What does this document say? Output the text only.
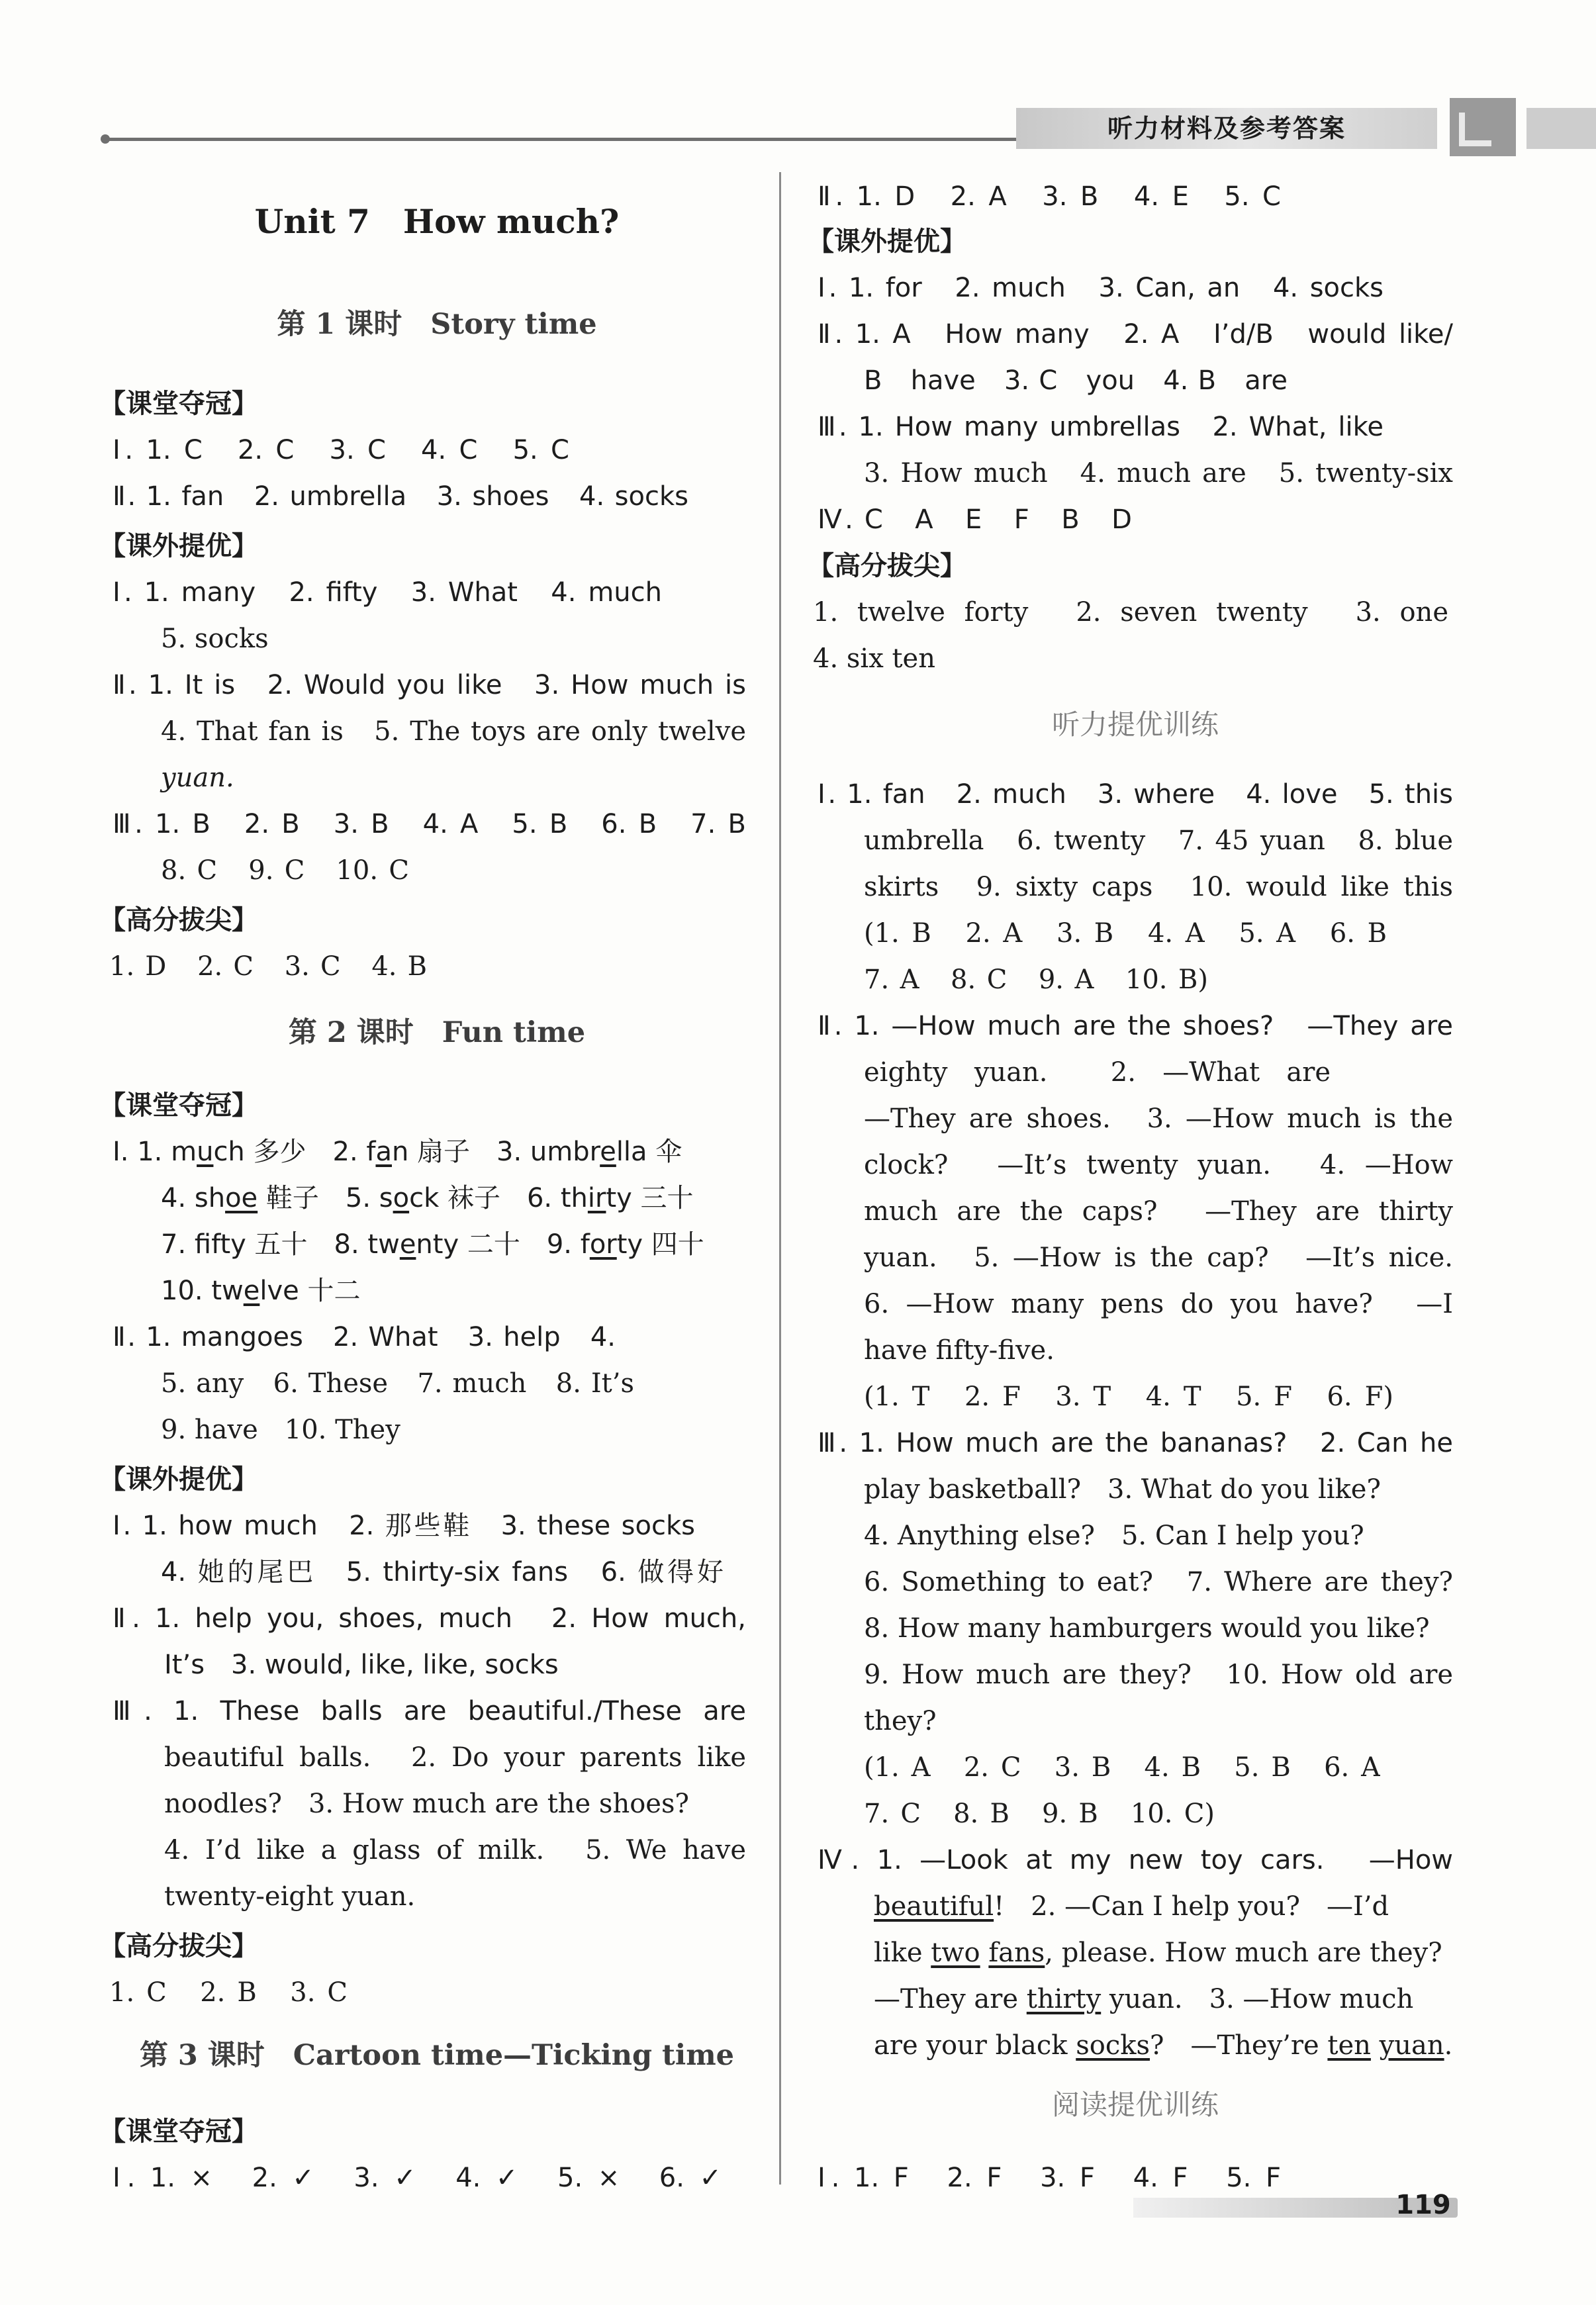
听力材料及参考答案

Unit 7　How much?

第 1 课时　Story time

【课堂夺冠】

Ⅰ. 1. C　2. C　3. C　4. C　5. C

Ⅱ. 1. fan　2. umbrella　3. shoes　4. socks

【课外提优】

Ⅰ. 1. many　2. fifty　3. What　4. much

5. socks

Ⅱ. 1. It is　2. Would you like　3. How much is

4. That fan is　5. The toys are only twelve

yuan.

Ⅲ. 1. B　2. B　3. B　4. A　5. B　6. B　7. B

8. C　9. C　10. C

【高分拔尖】

1. D　2. C　3. C　4. B

第 2 课时　Fun time

【课堂夺冠】

Ⅰ. 1. much 多少　2. fan 扇子　3. umbrella 伞

4. shoe 鞋子　5. sock 袜子　6. thirty 三十

7. ffty 五十　8. twenty 二十　9. forty 四十

10. twelve 十二

Ⅱ. 1. mangoes　2. What　3. help　4.

5. any　6. These　7. much　8. It’s

9. have　10. They

【课外提优】

Ⅰ. 1. how much　2. 那些鞋　3. these socks

4. 她的尾巴　5. thirty-six fans　6. 做得好

Ⅱ. 1. help you, shoes, much　2. How much,

It’s　3. would, like, like, socks

Ⅲ. 1. These balls are beautiful./These are

beautiful balls.　2. Do your parents like

noodles?　3. How much are the shoes?

4. I’d like a glass of milk.　5. We have

twenty-eight yuan.

【高分拔尖】

1. C　2. B　3. C

第 3 课时　Cartoon time—Ticking time

【课堂夺冠】

Ⅰ. 1. ×　2. ✓　3. ✓　4. ✓　5. ×　6. ✓

Ⅱ. 1. D　2. A　3. B　4. E　5. C

【课外提优】

Ⅰ. 1. for　2. much　3. Can, an　4. socks

Ⅱ. 1. A　How many　2. A　I’d/B　would like/

B　have　3. C　you　4. B　are

Ⅲ. 1. How many umbrellas　2. What, like

3. How much　4. much are　5. twenty-six

Ⅳ. C　A　E　F　B　D

【高分拔尖】

1. twelve forty　2. seven twenty　3. one

4. six ten

听力提优训练

Ⅰ. 1. fan　2. much　3. where　4. love　5. this

umbrella　6. twenty　7. 45 yuan　8. blue

skirts　9. sixty caps　10. would like this

(1. B　2. A　3. B　4. A　5. A　6. B

7. A　8. C　9. A　10. B)

Ⅱ. 1. —How much are the shoes?　—They are

eighty yuan.　2. —What are

—They are shoes.　3. —How much is the

clock?　—It’s twenty yuan.　4. —How

much are the caps?　—They are thirty

yuan.　5. —How is the cap?　—It’s nice.

6. —How many pens do you have?　—I

have fifty-five.

(1. T　2. F　3. T　4. T　5. F　6. F)

Ⅲ. 1. How much are the bananas?　2. Can he

play basketball?　3. What do you like?

4. Anything else?　5. Can I help you?

6. Something to eat?　7. Where are they?

8. How many hamburgers would you like?

9. How much are they?　10. How old are

they?

(1. A　2. C　3. B　4. B　5. B　6. A

7. C　8. B　9. B　10. C)

Ⅳ. 1. —Look at my new toy cars.　—How

beautiful!　2. —Can I help you?　—I’d

like two fans, please. How much are they?

—They are thirty yuan.　3. —How much

are your black socks?　—They’re ten yuan.

阅读提优训练

Ⅰ. 1. F　2. F　3. F　4. F　5. F

119
